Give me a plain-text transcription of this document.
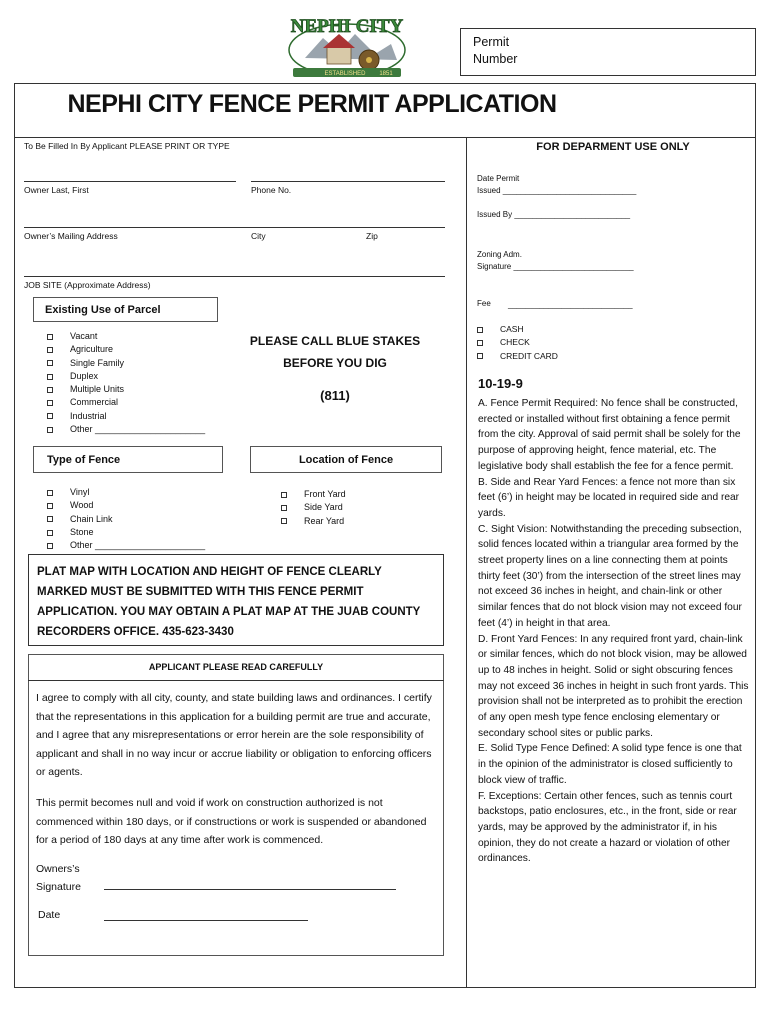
ESTABLISHED 1851
NEPHI CITY
Permit
Number
NEPHI CITY FENCE PERMIT APPLICATION
To Be Filled In By Applicant PLEASE PRINT OR TYPE
Owner Last, First	Phone No.
Owner’s Mailing Address	City	Zip
JOB SITE (Approximate Address)
FOR DEPARMENT USE ONLY
Date Permit
Issued ______________________________
Issued By __________________________
Zoning Adm.
Signature ___________________________
Fee ____________________________
CASH
CHECK
CREDIT CARD
Existing Use of Parcel
Vacant
Agriculture
Single Family
Duplex
Multiple Units
Commercial
Industrial
Other ______________________
PLEASE CALL BLUE STAKES
BEFORE YOU DIG
(811)
Type of Fence
Vinyl
Wood
Chain Link
Stone
Other ______________________
Location of Fence
Front Yard
Side Yard
Rear Yard
PLAT MAP WITH LOCATION AND HEIGHT OF FENCE CLEARLY MARKED MUST BE SUBMITTED WITH THIS FENCE PERMIT APPLICATION. YOU MAY OBTAIN A PLAT MAP AT THE JUAB COUNTY RECORDERS OFFICE. 435-623-3430
APPLICANT PLEASE READ CAREFULLY
I agree to comply with all city, county, and state building laws and ordinances. I certify that the representations in this application for a building permit are true and accurate, and I agree that any misrepresentations or error herein are the sole responsibility of applicant and shall in no way incur or accrue liability or obligation to enforcing officers or agents.
This permit becomes null and void if work on construction authorized is not commenced within 180 days, or if constructions or work is suspended or abandoned for a period of 180 days at any time after work is commenced.
Owners’s
Signature
Date
10-19-9
A. Fence Permit Required: No fence shall be constructed, erected or installed without first obtaining a fence permit from the city. Approval of said permit shall be solely for the purpose of approving height, fence material, etc. The legislative body shall establish the fee for a fence permit.
B. Side and Rear Yard Fences: a fence not more than six feet (6’) in height may be located in required side and rear yards.
C. Sight Vision: Notwithstanding the preceding subsection, solid fences located within a triangular area formed by the street property lines on a line connecting them at points thirty feet (30’) from the intersection of the street lines may not exceed 36 inches in height, and chain-link or other similar fences that do not block vision may not exceed four feet (4’) in height in that area.
D. Front Yard Fences: In any required front yard, chain-link or similar fences, which do not block vision, may be allowed up to 48 inches in height. Solid or sight obscuring fences may not exceed 36 inches in height in such front yards. This provision shall not be interpreted as to prohibit the erection of any open mesh type fence enclosing elementary or secondary school sites or public parks.
E. Solid Type Fence Defined: A solid type fence is one that in the opinion of the administrator is closed sufficiently to block view of traffic.
F. Exceptions: Certain other fences, such as tennis court backstops, patio enclosures, etc., in the front, side or rear yards, may be approved by the administrator if, in his opinion, they do not create a hazard or violation of other ordinances.
